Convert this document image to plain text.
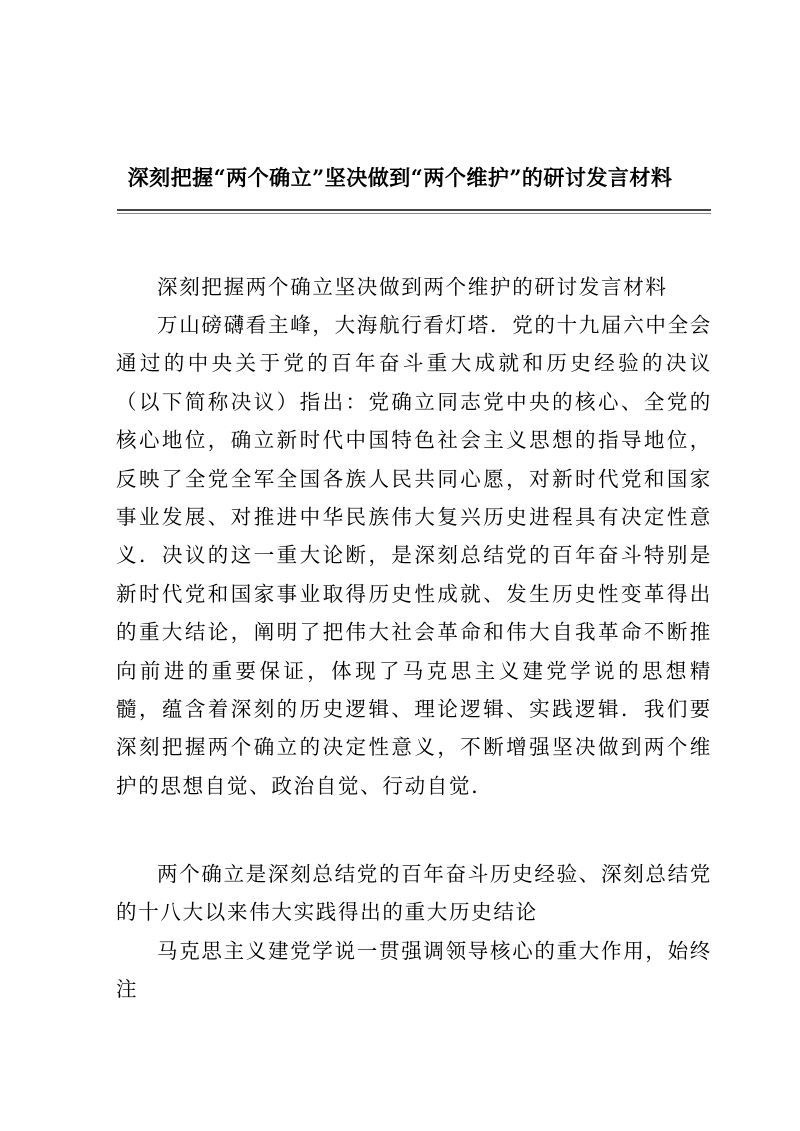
深刻把握“两个确立”坚决做到“两个维护”的研讨发言材料

深刻把握两个确立坚决做到两个维护的研讨发言材料

万山磅礴看主峰，大海航行看灯塔．党的十九届六中全会通过的中央关于党的百年奋斗重大成就和历史经验的决议（以下简称决议）指出：党确立同志党中央的核心、全党的核心地位，确立新时代中国特色社会主义思想的指导地位，反映了全党全军全国各族人民共同心愿，对新时代党和国家事业发展、对推进中华民族伟大复兴历史进程具有决定性意义．决议的这一重大论断，是深刻总结党的百年奋斗特别是新时代党和国家事业取得历史性成就、发生历史性变革得出的重大结论，阐明了把伟大社会革命和伟大自我革命不断推向前进的重要保证，体现了马克思主义建党学说的思想精髓，蕴含着深刻的历史逻辑、理论逻辑、实践逻辑．我们要深刻把握两个确立的决定性意义，不断增强坚决做到两个维护的思想自觉、政治自觉、行动自觉．

两个确立是深刻总结党的百年奋斗历史经验、深刻总结党的十八大以来伟大实践得出的重大历史结论

马克思主义建党学说一贯强调领导核心的重大作用，始终注
